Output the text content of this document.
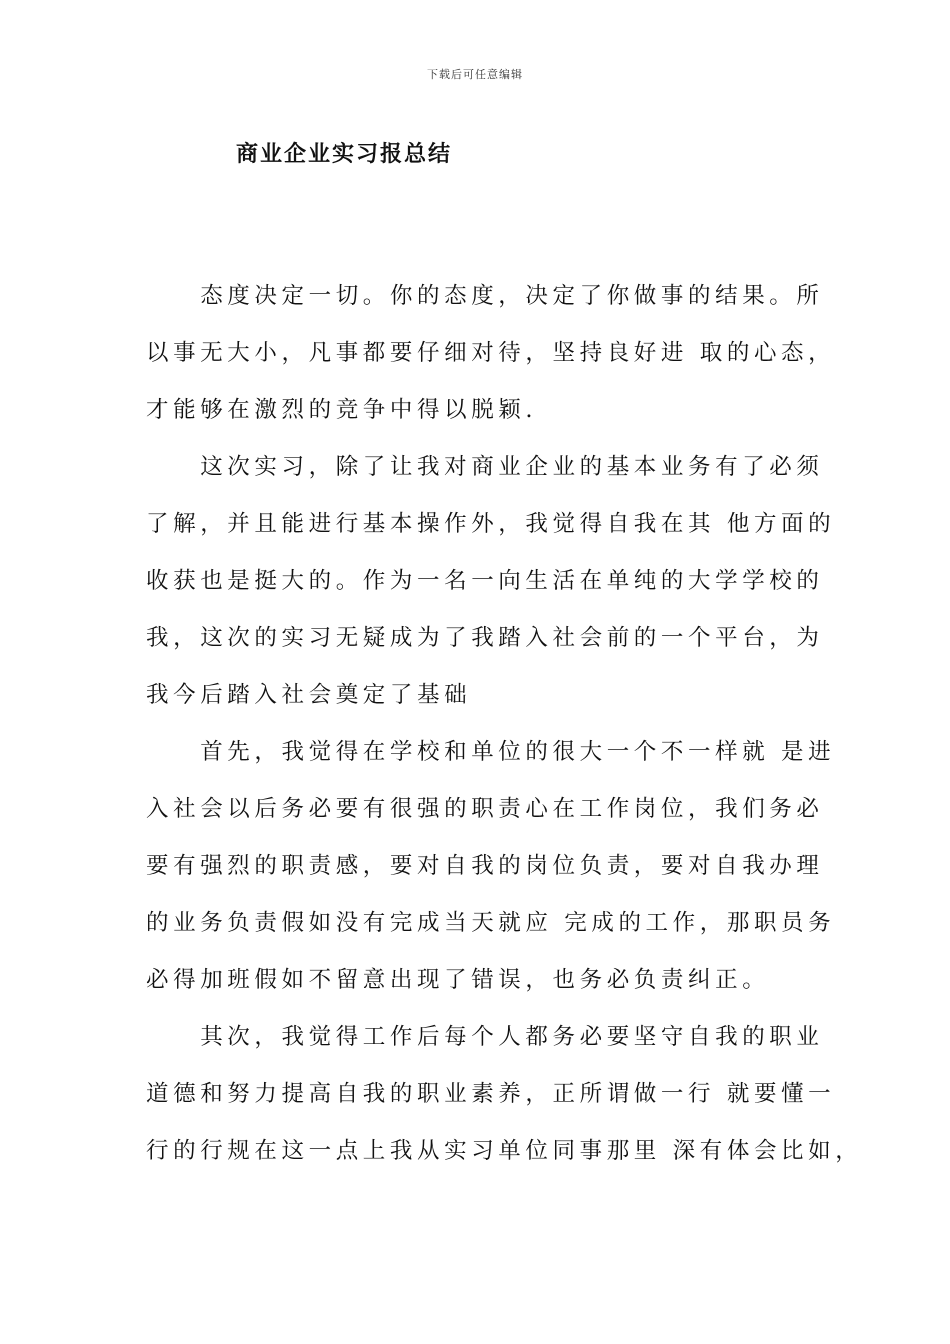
下载后可任意编辑
商业企业实习报总结
　　态度决定一切。你的态度，决定了你做事的结果。所
以事无大小，凡事都要仔细对待，坚持良好进 取的心态，
才能够在激烈的竞争中得以脱颖.
　　这次实习，除了让我对商业企业的基本业务有了必须
了解，并且能进行基本操作外，我觉得自我在其 他方面的
收获也是挺大的。作为一名一向生活在单纯的大学学校的
我，这次的实习无疑成为了我踏入社会前的一个平台，为
我今后踏入社会奠定了基础
　　首先，我觉得在学校和单位的很大一个不一样就 是进
入社会以后务必要有很强的职责心在工作岗位，我们务必
要有强烈的职责感，要对自我的岗位负责，要对自我办理
的业务负责假如没有完成当天就应 完成的工作，那职员务
必得加班假如不留意出现了错误，也务必负责纠正。
　　其次，我觉得工作后每个人都务必要坚守自我的职业
道德和努力提高自我的职业素养，正所谓做一行 就要懂一
行的行规在这一点上我从实习单位同事那里 深有体会比如，
